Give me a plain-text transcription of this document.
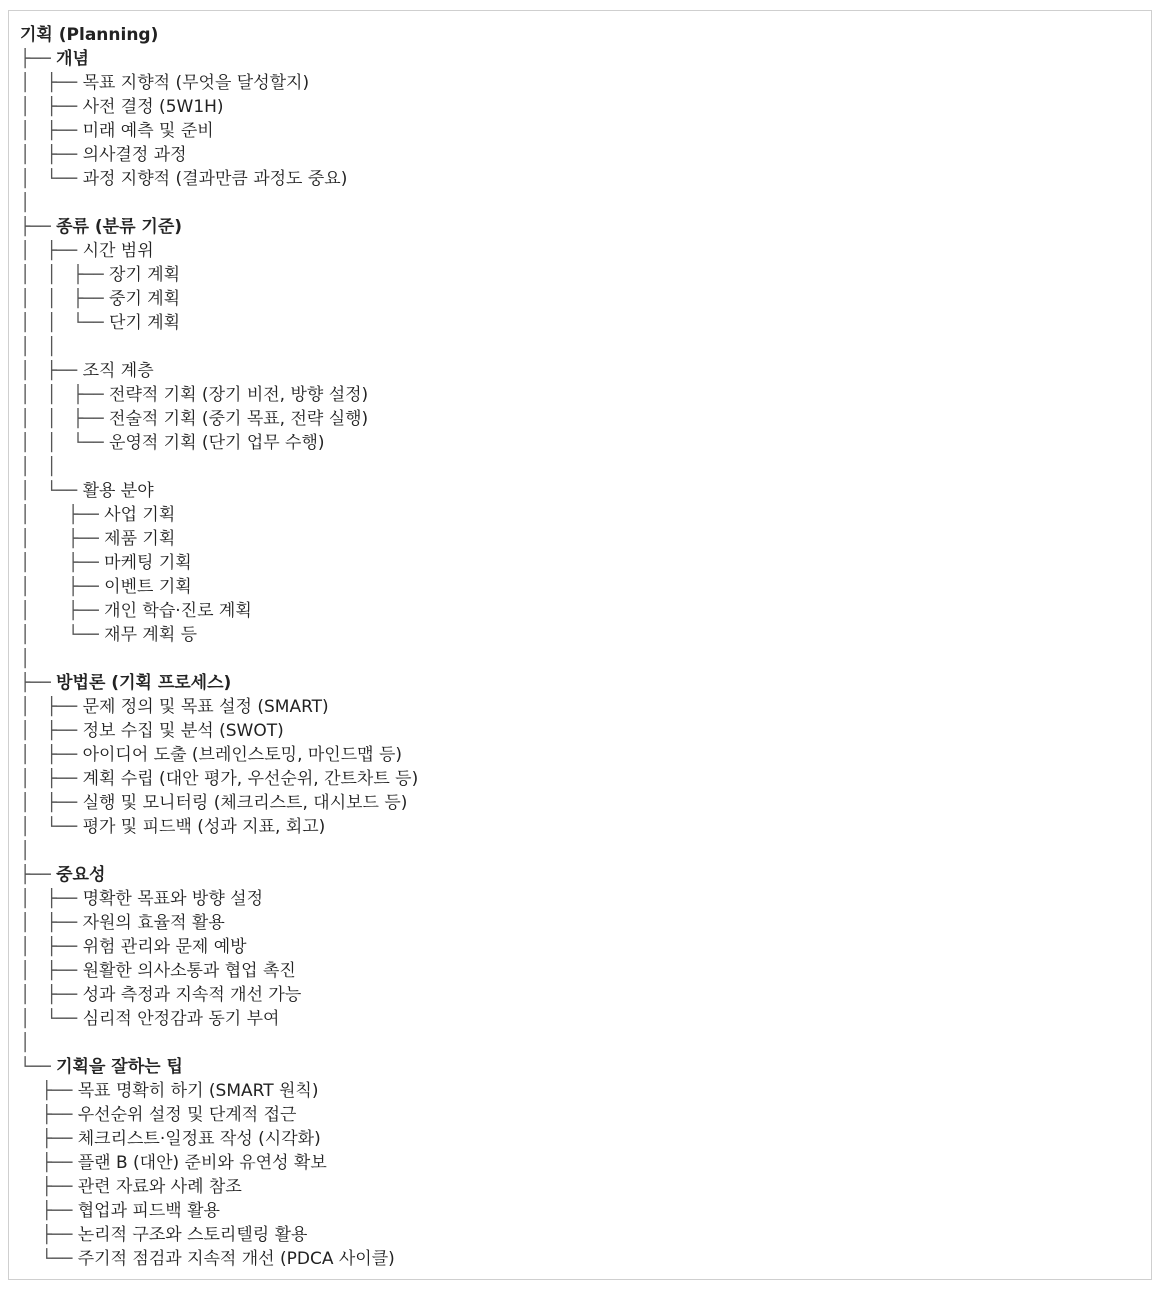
기획 (Planning)
├── 개념
│   ├── 목표 지향적 (무엇을 달성할지)
│   ├── 사전 결정 (5W1H)
│   ├── 미래 예측 및 준비
│   ├── 의사결정 과정
│   └── 과정 지향적 (결과만큼 과정도 중요)
│
├── 종류 (분류 기준)
│   ├── 시간 범위
│   │   ├── 장기 계획
│   │   ├── 중기 계획
│   │   └── 단기 계획
│   │
│   ├── 조직 계층
│   │   ├── 전략적 기획 (장기 비전, 방향 설정)
│   │   ├── 전술적 기획 (중기 목표, 전략 실행)
│   │   └── 운영적 기획 (단기 업무 수행)
│   │
│   └── 활용 분야
│       ├── 사업 기획
│       ├── 제품 기획
│       ├── 마케팅 기획
│       ├── 이벤트 기획
│       ├── 개인 학습·진로 계획
│       └── 재무 계획 등
│
├── 방법론 (기획 프로세스)
│   ├── 문제 정의 및 목표 설정 (SMART)
│   ├── 정보 수집 및 분석 (SWOT)
│   ├── 아이디어 도출 (브레인스토밍, 마인드맵 등)
│   ├── 계획 수립 (대안 평가, 우선순위, 간트차트 등)
│   ├── 실행 및 모니터링 (체크리스트, 대시보드 등)
│   └── 평가 및 피드백 (성과 지표, 회고)
│
├── 중요성
│   ├── 명확한 목표와 방향 설정
│   ├── 자원의 효율적 활용
│   ├── 위험 관리와 문제 예방
│   ├── 원활한 의사소통과 협업 촉진
│   ├── 성과 측정과 지속적 개선 가능
│   └── 심리적 안정감과 동기 부여
│
└── 기획을 잘하는 팁
├── 목표 명확히 하기 (SMART 원칙)
├── 우선순위 설정 및 단계적 접근
├── 체크리스트·일정표 작성 (시각화)
├── 플랜 B (대안) 준비와 유연성 확보
├── 관련 자료와 사례 참조
├── 협업과 피드백 활용
├── 논리적 구조와 스토리텔링 활용
└── 주기적 점검과 지속적 개선 (PDCA 사이클)
